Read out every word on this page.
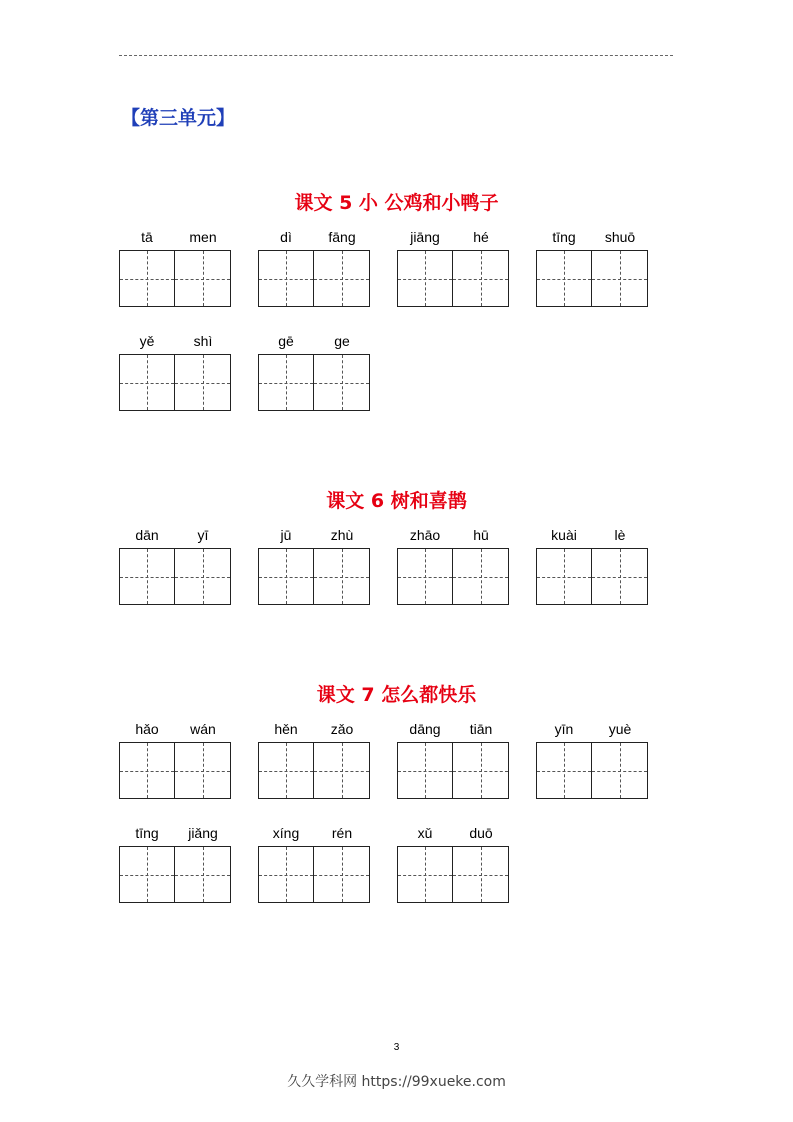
【第三单元】
课文 5 小 公鸡和小鸭子
tā	men	dì	fāng	jiāng	hé	tīng	shuō
yě	shì	gē	ge
课文 6 树和喜鹊
dān	yī	jū	zhù	zhāo	hū	kuài	lè
课文 7 怎么都快乐
hǎo	wán	hěn	zǎo	dāng	tiān	yīn	yuè
tīng	jiǎng	xíng	rén	xǔ	duō
3
久久学科网 https://99xueke.com
